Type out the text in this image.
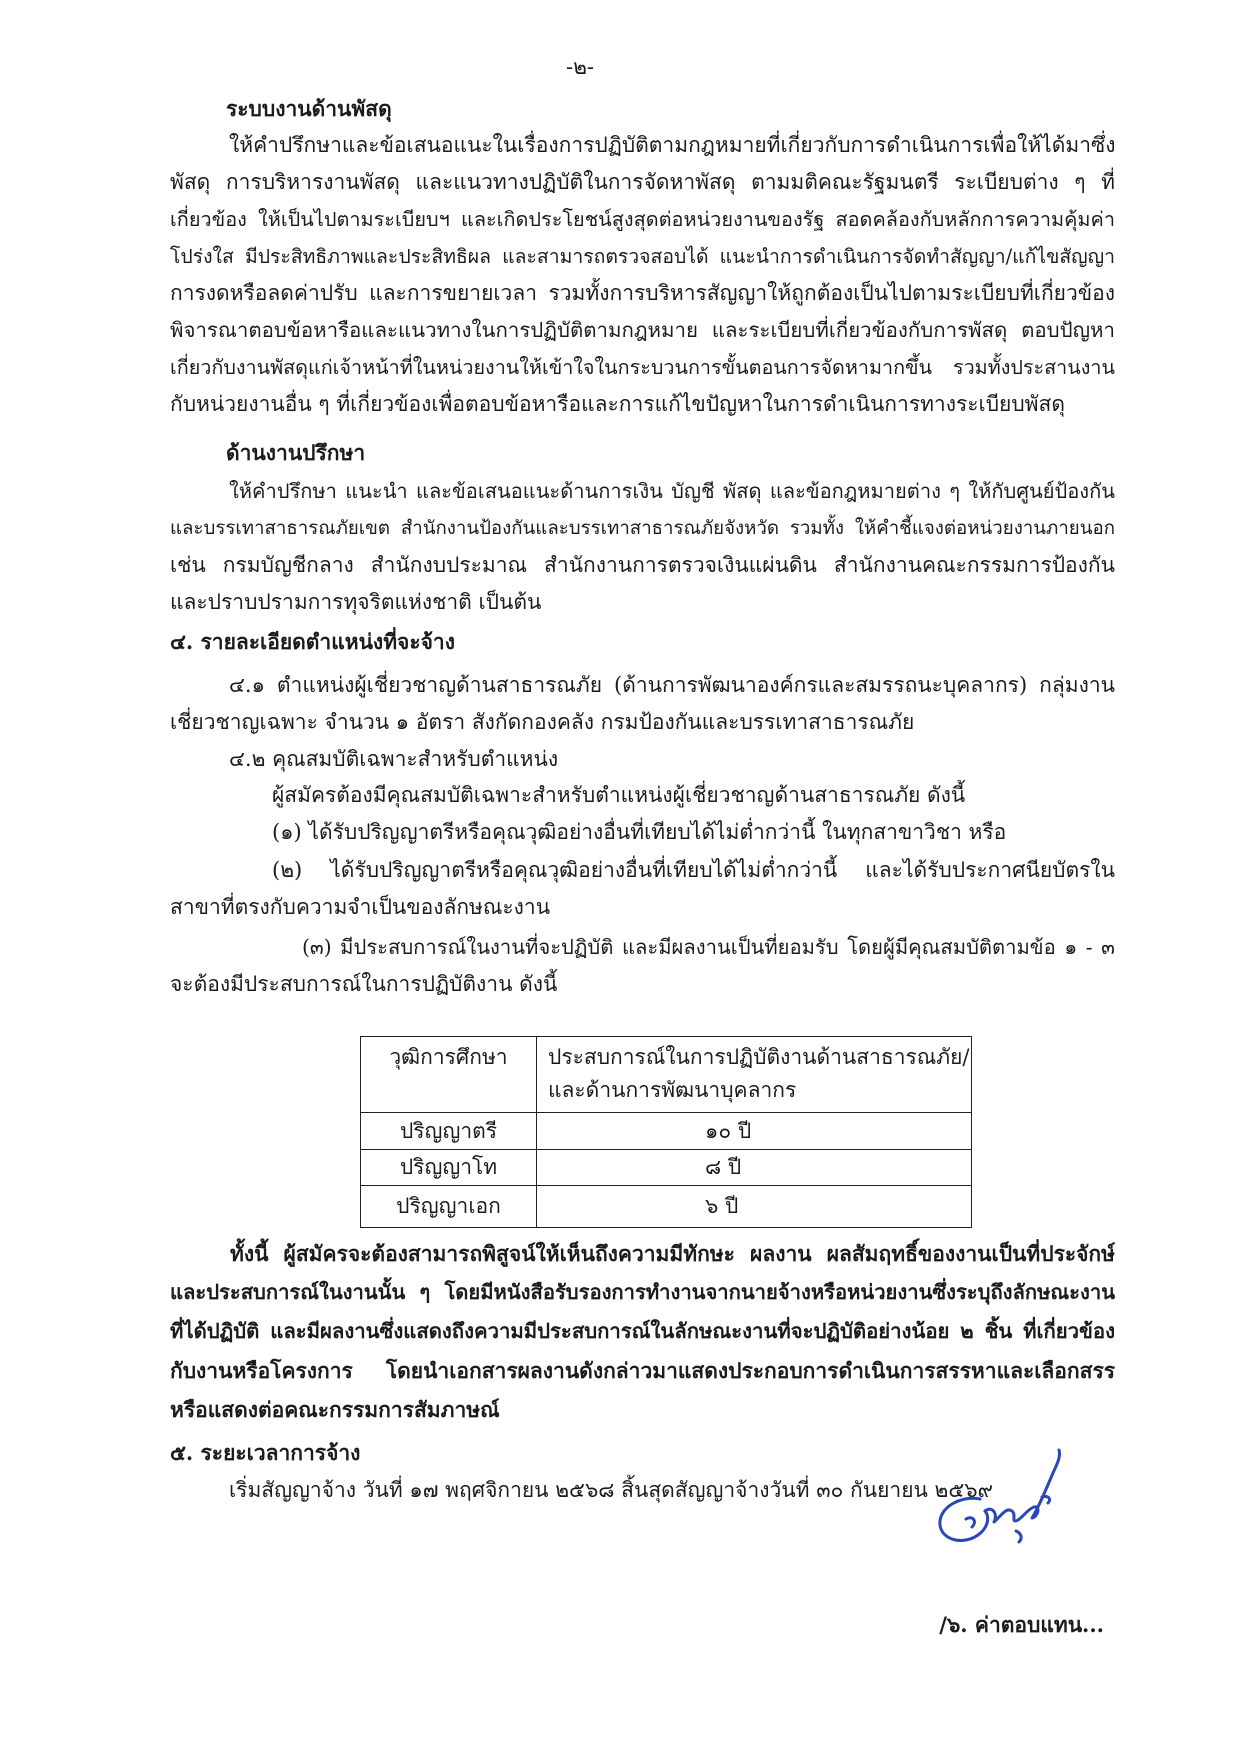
-๒-
ระบบงานด้านพัสดุ
ให้คำปรึกษาและข้อเสนอแนะในเรื่องการปฏิบัติตามกฎหมายที่เกี่ยวกับการดำเนินการเพื่อให้ได้มาซึ่ง
พัสดุ การบริหารงานพัสดุ และแนวทางปฏิบัติในการจัดหาพัสดุ ตามมติคณะรัฐมนตรี ระเบียบต่าง ๆ ที่
เกี่ยวข้อง ให้เป็นไปตามระเบียบฯ และเกิดประโยชน์สูงสุดต่อหน่วยงานของรัฐ สอดคล้องกับหลักการความคุ้มค่า
โปร่งใส มีประสิทธิภาพและประสิทธิผล และสามารถตรวจสอบได้ แนะนำการดำเนินการจัดทำสัญญา/แก้ไขสัญญา
การงดหรือลดค่าปรับ และการขยายเวลา รวมทั้งการบริหารสัญญาให้ถูกต้องเป็นไปตามระเบียบที่เกี่ยวข้อง
พิจารณาตอบข้อหารือและแนวทางในการปฏิบัติตามกฎหมาย และระเบียบที่เกี่ยวข้องกับการพัสดุ ตอบปัญหา
เกี่ยวกับงานพัสดุแก่เจ้าหน้าที่ในหน่วยงานให้เข้าใจในกระบวนการขั้นตอนการจัดหามากขึ้น รวมทั้งประสานงาน
กับหน่วยงานอื่น ๆ ที่เกี่ยวข้องเพื่อตอบข้อหารือและการแก้ไขปัญหาในการดำเนินการทางระเบียบพัสดุ
ด้านงานปรึกษา
ให้คำปรึกษา แนะนำ และข้อเสนอแนะด้านการเงิน บัญชี พัสดุ และข้อกฎหมายต่าง ๆ ให้กับศูนย์ป้องกัน
และบรรเทาสาธารณภัยเขต สำนักงานป้องกันและบรรเทาสาธารณภัยจังหวัด รวมทั้ง ให้คำชี้แจงต่อหน่วยงานภายนอก
เช่น กรมบัญชีกลาง สำนักงบประมาณ สำนักงานการตรวจเงินแผ่นดิน สำนักงานคณะกรรมการป้องกัน
และปราบปรามการทุจริตแห่งชาติ เป็นต้น
๔. รายละเอียดตำแหน่งที่จะจ้าง
๔.๑ ตำแหน่งผู้เชี่ยวชาญด้านสาธารณภัย (ด้านการพัฒนาองค์กรและสมรรถนะบุคลากร) กลุ่มงาน
เชี่ยวชาญเฉพาะ จำนวน ๑ อัตรา สังกัดกองคลัง กรมป้องกันและบรรเทาสาธารณภัย
๔.๒ คุณสมบัติเฉพาะสำหรับตำแหน่ง
ผู้สมัครต้องมีคุณสมบัติเฉพาะสำหรับตำแหน่งผู้เชี่ยวชาญด้านสาธารณภัย ดังนี้
(๑) ได้รับปริญญาตรีหรือคุณวุฒิอย่างอื่นที่เทียบได้ไม่ต่ำกว่านี้ ในทุกสาขาวิชา หรือ
(๒) ได้รับปริญญาตรีหรือคุณวุฒิอย่างอื่นที่เทียบได้ไม่ต่ำกว่านี้ และได้รับประกาศนียบัตรใน
สาขาที่ตรงกับความจำเป็นของลักษณะงาน
(๓) มีประสบการณ์ในงานที่จะปฏิบัติ และมีผลงานเป็นที่ยอมรับ โดยผู้มีคุณสมบัติตามข้อ ๑ - ๓
จะต้องมีประสบการณ์ในการปฏิบัติงาน ดังนี้
วุฒิการศึกษา	ประสบการณ์ในการปฏิบัติงานด้านสาธารณภัย/
และด้านการพัฒนาบุคลากร

ปริญญาตรี	๑๐ ปี
ปริญญาโท	๘ ปี
ปริญญาเอก	๖ ปี
ทั้งนี้ ผู้สมัครจะต้องสามารถพิสูจน์ให้เห็นถึงความมีทักษะ ผลงาน ผลสัมฤทธิ์ของงานเป็นที่ประจักษ์
และประสบการณ์ในงานนั้น ๆ โดยมีหนังสือรับรองการทำงานจากนายจ้างหรือหน่วยงานซึ่งระบุถึงลักษณะงาน
ที่ได้ปฏิบัติ และมีผลงานซึ่งแสดงถึงความมีประสบการณ์ในลักษณะงานที่จะปฏิบัติอย่างน้อย ๒ ชิ้น ที่เกี่ยวข้อง
กับงานหรือโครงการ โดยนำเอกสารผลงานดังกล่าวมาแสดงประกอบการดำเนินการสรรหาและเลือกสรร
หรือแสดงต่อคณะกรรมการสัมภาษณ์
๕. ระยะเวลาการจ้าง
เริ่มสัญญาจ้าง วันที่ ๑๗ พฤศจิกายน ๒๕๖๘ สิ้นสุดสัญญาจ้างวันที่ ๓๐ กันยายน ๒๕๖๙
/๖. ค่าตอบแทน...
